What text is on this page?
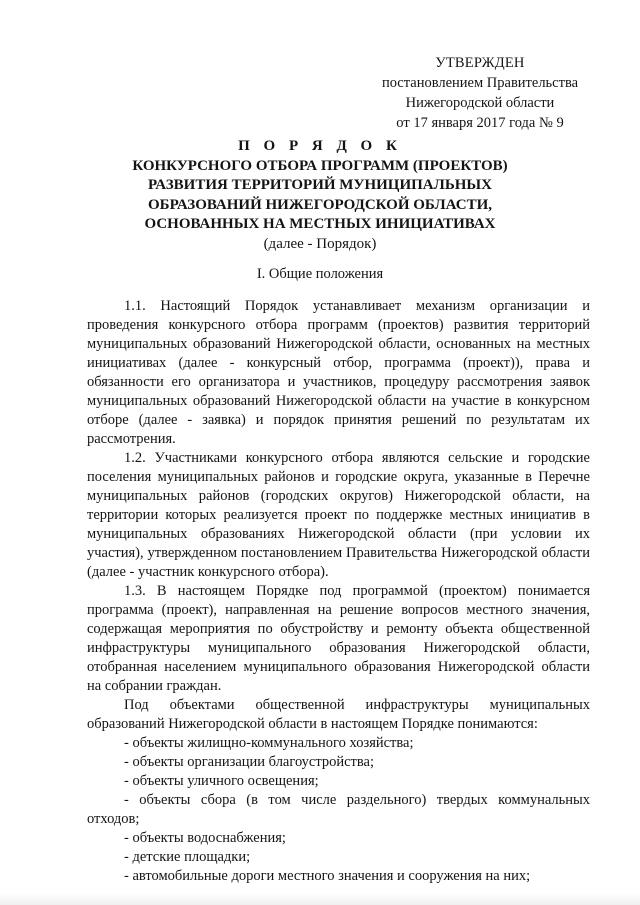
УТВЕРЖДЕН
постановлением Правительства
Нижегородской области
от 17 января 2017 года № 9
П О Р Я Д О К
КОНКУРСНОГО ОТБОРА ПРОГРАММ (ПРОЕКТОВ)
РАЗВИТИЯ ТЕРРИТОРИЙ МУНИЦИПАЛЬНЫХ
ОБРАЗОВАНИЙ НИЖЕГОРОДСКОЙ ОБЛАСТИ,
ОСНОВАННЫХ НА МЕСТНЫХ ИНИЦИАТИВАХ
(далее - Порядок)
I. Общие положения

1.1. Настоящий Порядок устанавливает механизм организации и проведения конкурсного отбора программ (проектов) развития территорий муниципальных образований Нижегородской области, основанных на местных инициативах (далее - конкурсный отбор, программа (проект)), права и обязанности его организатора и участников, процедуру рассмотрения заявок муниципальных образований Нижегородской области на участие в конкурсном отборе (далее - заявка) и порядок принятия решений по результатам их рассмотрения.

1.2. Участниками конкурсного отбора являются сельские и городские поселения муниципальных районов и городские округа, указанные в Перечне муниципальных районов (городских округов) Нижегородской области, на территории которых реализуется проект по поддержке местных инициатив в муниципальных образованиях Нижегородской области (при условии их участия), утвержденном постановлением Правительства Нижегородской области (далее - участник конкурсного отбора).

1.3. В настоящем Порядке под программой (проектом) понимается программа (проект), направленная на решение вопросов местного значения, содержащая мероприятия по обустройству и ремонту объекта общественной инфраструктуры муниципального образования Нижегородской области, отобранная населением муниципального образования Нижегородской области на собрании граждан.

Под объектами общественной инфраструктуры муниципальных образований Нижегородской области в настоящем Порядке понимаются:

- объекты жилищно-коммунального хозяйства;

- объекты организации благоустройства;

- объекты уличного освещения;

- объекты сбора (в том числе раздельного) твердых коммунальных отходов;

- объекты водоснабжения;

- детские площадки;

- автомобильные дороги местного значения и сооружения на них;
